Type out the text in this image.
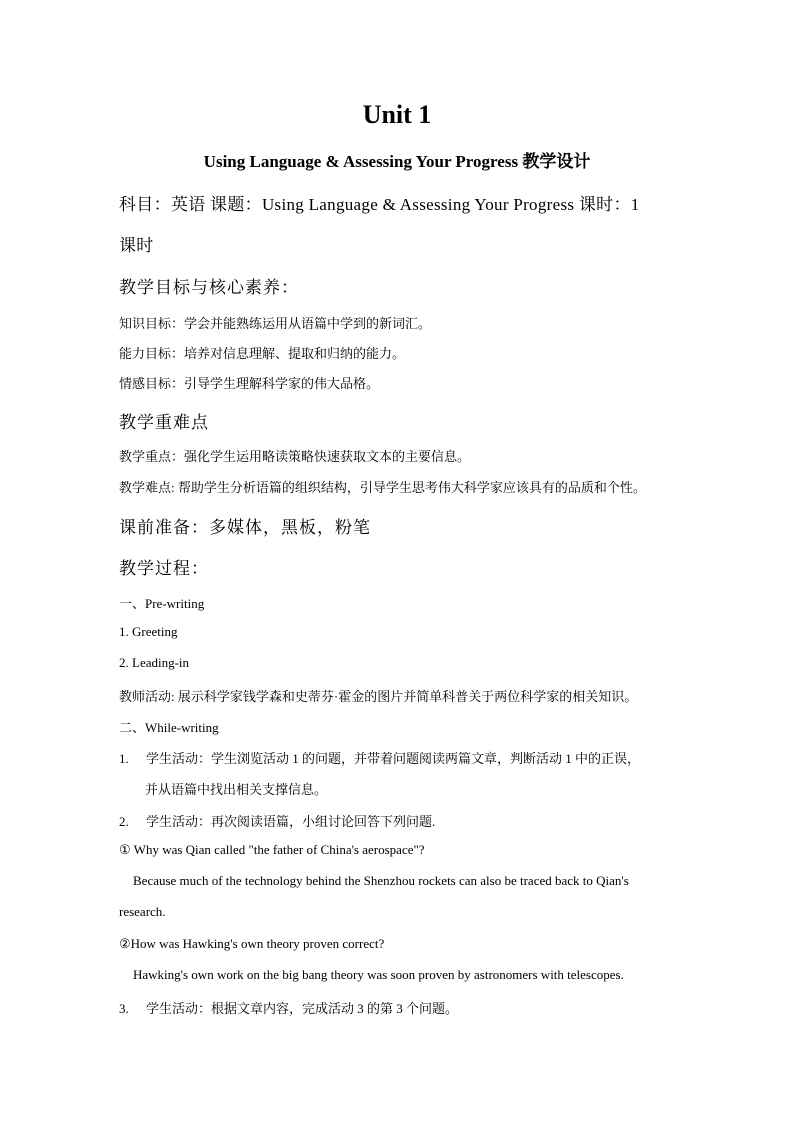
Unit 1
Using Language & Assessing Your Progress 教学设计
科目：英语 课题：Using Language & Assessing Your Progress 课时：1
课时
教学目标与核心素养：
知识目标：学会并能熟练运用从语篇中学到的新词汇。
能力目标：培养对信息理解、提取和归纳的能力。
情感目标：引导学生理解科学家的伟大品格。
教学重难点
教学重点：强化学生运用略读策略快速获取文本的主要信息。
教学难点: 帮助学生分析语篇的组织结构，引导学生思考伟大科学家应该具有的品质和个性。
课前准备：多媒体，黑板，粉笔
教学过程：
一、Pre-writing
1. Greeting
2. Leading-in
教师活动: 展示科学家钱学森和史蒂芬·霍金的图片并简单科普关于两位科学家的相关知识。
二、While-writing
1. 学生活动：学生浏览活动 1 的问题，并带着问题阅读两篇文章，判断活动 1 中的正误，
并从语篇中找出相关支撑信息。
2. 学生活动：再次阅读语篇，小组讨论回答下列问题.
① Why was Qian called "the father of China's aerospace"?
Because much of the technology behind the Shenzhou rockets can also be traced back to Qian's
research.
②How was Hawking's own theory proven correct?
Hawking's own work on the big bang theory was soon proven by astronomers with telescopes.
3. 学生活动：根据文章内容，完成活动 3 的第 3 个问题。
